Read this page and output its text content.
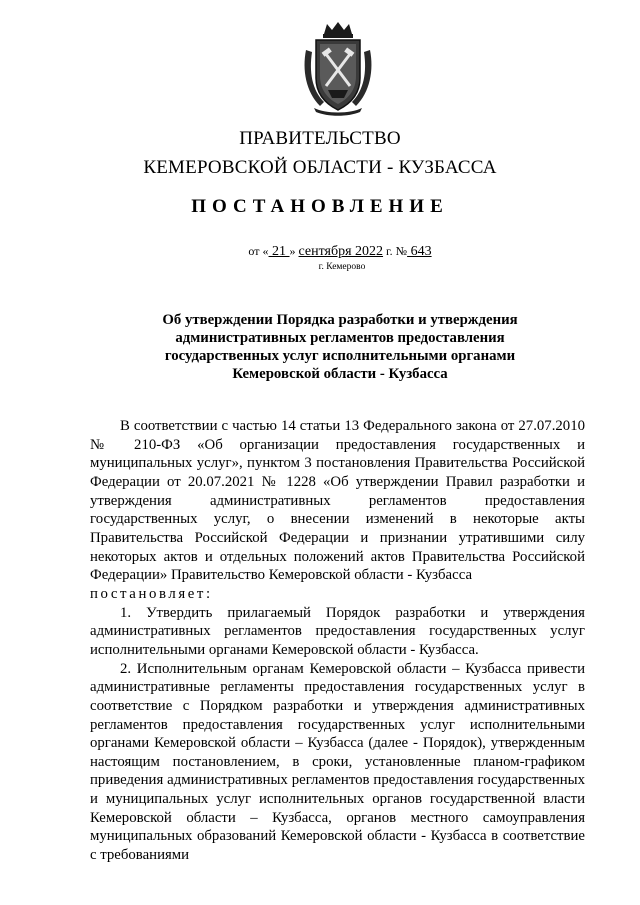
ПРАВИТЕЛЬСТВО
КЕМЕРОВСКОЙ ОБЛАСТИ - КУЗБАССА
ПОСТАНОВЛЕНИЕ
от « 21 » сентября 2022 г. № 643
г. Кемерово
Об утверждении Порядка разработки и утверждения
административных регламентов предоставления
государственных услуг исполнительными органами
Кемеровской области - Кузбасса

В соответствии с частью 14 статьи 13 Федерального закона от 27.07.2010 № 210-ФЗ «Об организации предоставления государственных и муниципальных услуг», пунктом 3 постановления Правительства Российской Федерации от 20.07.2021 № 1228 «Об утверждении Правил разработки и утверждения административных регламентов предоставления государственных услуг, о внесении изменений в некоторые акты Правительства Российской Федерации и признании утратившими силу некоторых актов и отдельных положений актов Правительства Российской Федерации» Правительство Кемеровской области - Кузбасса

постановляет:

1. Утвердить прилагаемый Порядок разработки и утверждения административных регламентов предоставления государственных услуг исполнительными органами Кемеровской области - Кузбасса.

2. Исполнительным органам Кемеровской области – Кузбасса привести административные регламенты предоставления государственных услуг в соответствие с Порядком разработки и утверждения административных регламентов предоставления государственных услуг исполнительными органами Кемеровской области – Кузбасса (далее - Порядок), утвержденным настоящим постановлением, в сроки, установленные планом-графиком приведения административных регламентов предоставления государственных и муниципальных услуг исполнительных органов государственной власти Кемеровской области – Кузбасса, органов местного самоуправления муниципальных образований Кемеровской области - Кузбасса в соответствие с требованиями
